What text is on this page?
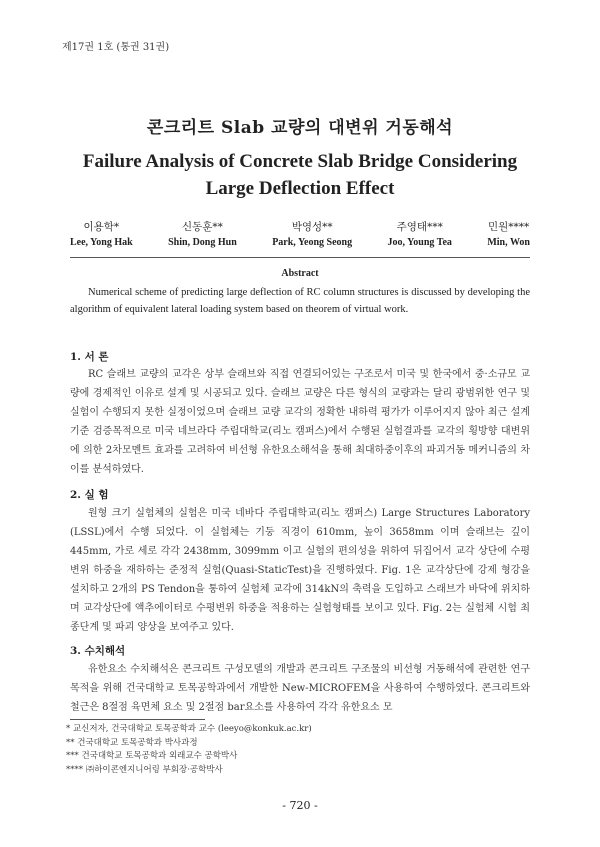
제17권 1호 (통권 31권)
콘크리트 Slab 교량의 대변위 거동해석
Failure Analysis of Concrete Slab Bridge Considering Large Deflection Effect
이용학*
Lee, Yong Hak
신동훈**
Shin, Dong Hun
박영성**
Park, Yeong Seong
주영태***
Joo, Young Tea
민원****
Min, Won
Abstract
Numerical scheme of predicting large deflection of RC column structures is discussed by developing the algorithm of equivalent lateral loading system based on theorem of virtual work.
1. 서 론
RC 슬래브 교량의 교각은 상부 슬래브와 직접 연결되어있는 구조로서 미국 및 한국에서 중·소규모 교량에 경제적인 이유로 설계 및 시공되고 있다. 슬래브 교량은 다른 형식의 교량과는 달리 광범위한 연구 및 실험이 수행되지 못한 실정이었으며 슬래브 교량 교각의 정확한 내하력 평가가 이루어지지 않아 최근 설계기준 검증목적으로 미국 네브라다 주립대학교(리노 캠퍼스)에서 수행된 실험결과를 교각의 횡방향 대변위에 의한 2차모멘트 효과를 고려하여 비선형 유한요소해석을 통해 최대하중이후의 파괴거동 메커니즘의 차이를 분석하였다.
2. 실 험
원형 크기 실험체의 실험은 미국 네바다 주립대학교(리노 캠퍼스) Large Structures Laboratory (LSSL)에서 수행 되었다. 이 실험체는 기둥 직경이 610mm, 높이 3658mm 이며 슬래브는 깊이 445mm, 가로 세로 각각 2438mm, 3099mm 이고 실험의 편의성을 위하여 뒤집어서 교각 상단에 수평변위 하중을 재하하는 준정적 실험(Quasi-StaticTest)을 진행하였다. Fig. 1은 교각상단에 강제 형강을 설치하고 2개의 PS Tendon을 통하여 실험체 교각에 314kN의 축력을 도입하고 스래브가 바닥에 위치하며 교각상단에 액추에이터로 수평변위 하중을 적용하는 실험형태를 보이고 있다. Fig. 2는 실험체 시험 최종단계 및 파괴 양상을 보여주고 있다.
3. 수치해석
유한요소 수치해석은 콘크리트 구성모델의 개발과 콘크리트 구조물의 비선형 거동해석에 관련한 연구목적을 위해 건국대학교 토목공학과에서 개발한 New-MICROFEM을 사용하여 수행하였다. 콘크리트와 철근은 8절점 육면체 요소 및 2절점 bar요소를 사용하여 각각 유한요소 모
* 교신저자, 건국대학교 토목공학과 교수 (leeyo@konkuk.ac.kr)
** 건국대학교 토목공학과 박사과정
*** 건국대학교 토목공학과 외래교수 공학박사
**** ㈜하이콘엔지니어링 부회장·공학박사
- 720 -
